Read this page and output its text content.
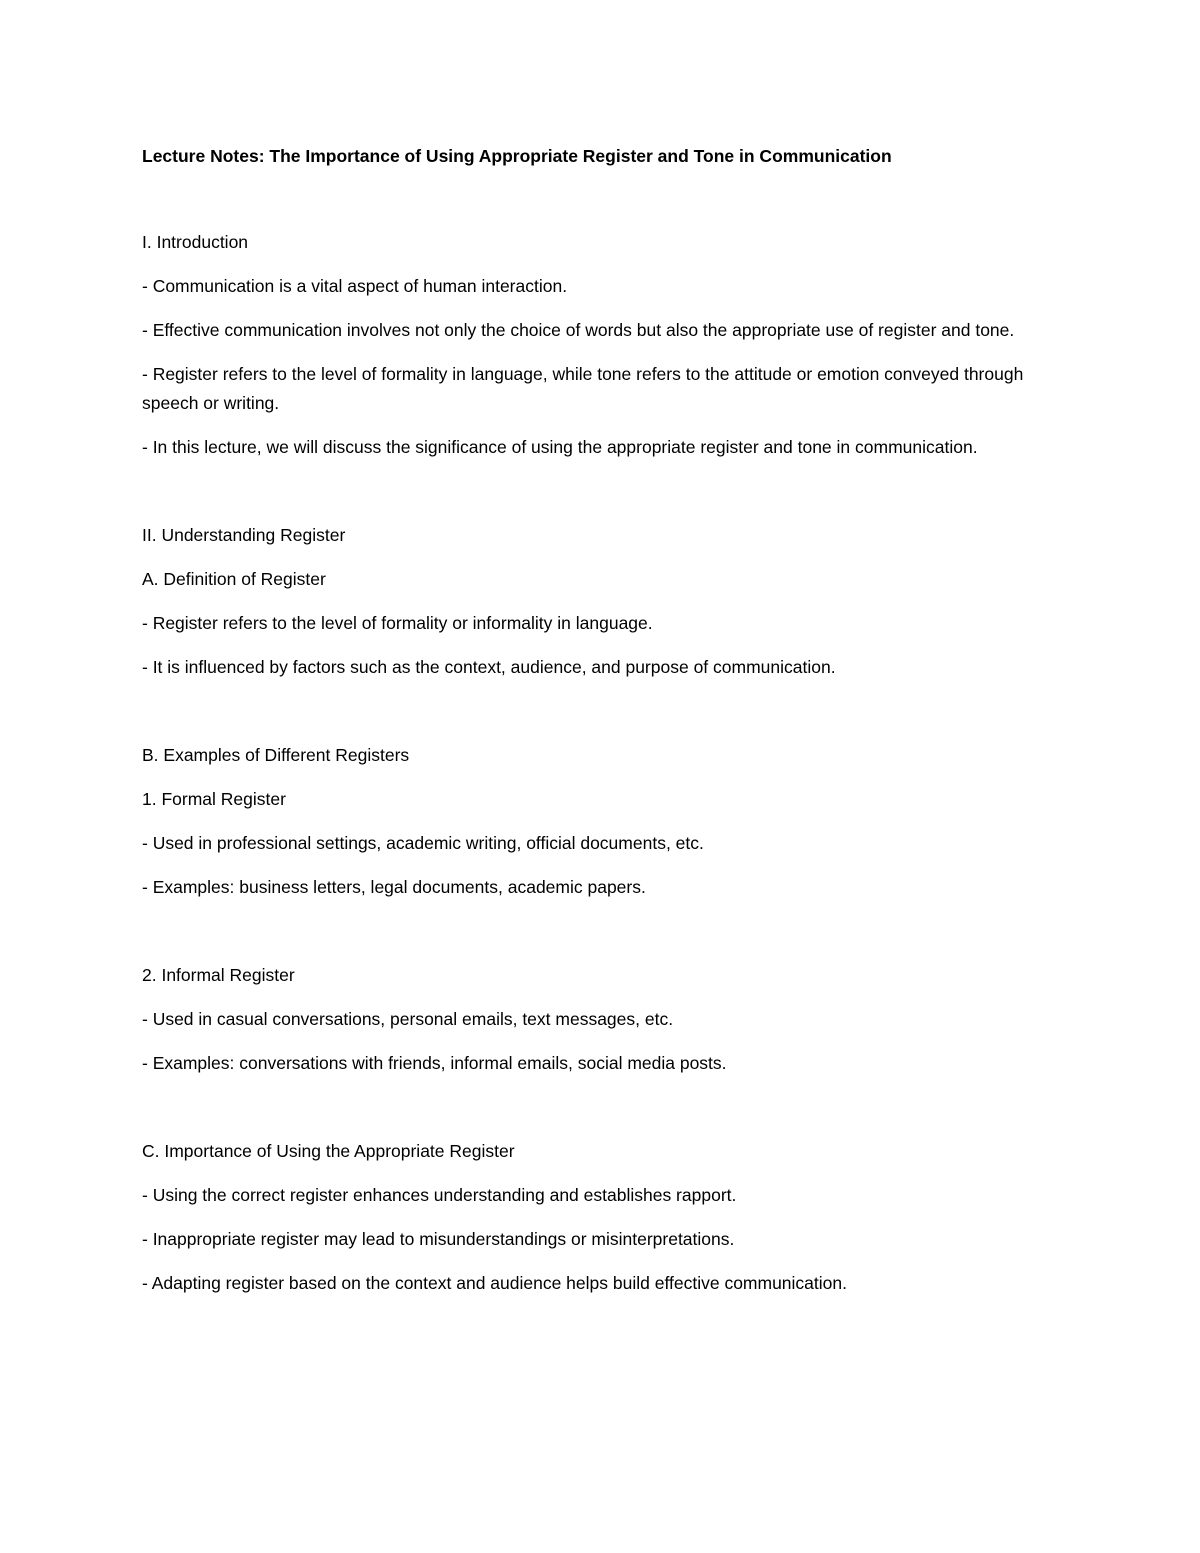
Lecture Notes: The Importance of Using Appropriate Register and Tone in Communication

I. Introduction

- Communication is a vital aspect of human interaction.

- Effective communication involves not only the choice of words but also the appropriate use of register and tone.

- Register refers to the level of formality in language, while tone refers to the attitude or emotion conveyed through speech or writing.

- In this lecture, we will discuss the significance of using the appropriate register and tone in communication.

II. Understanding Register

A. Definition of Register

- Register refers to the level of formality or informality in language.

- It is influenced by factors such as the context, audience, and purpose of communication.

B. Examples of Different Registers

1. Formal Register

- Used in professional settings, academic writing, official documents, etc.

- Examples: business letters, legal documents, academic papers.

2. Informal Register

- Used in casual conversations, personal emails, text messages, etc.

- Examples: conversations with friends, informal emails, social media posts.

C. Importance of Using the Appropriate Register

- Using the correct register enhances understanding and establishes rapport.

- Inappropriate register may lead to misunderstandings or misinterpretations.

- Adapting register based on the context and audience helps build effective communication.
